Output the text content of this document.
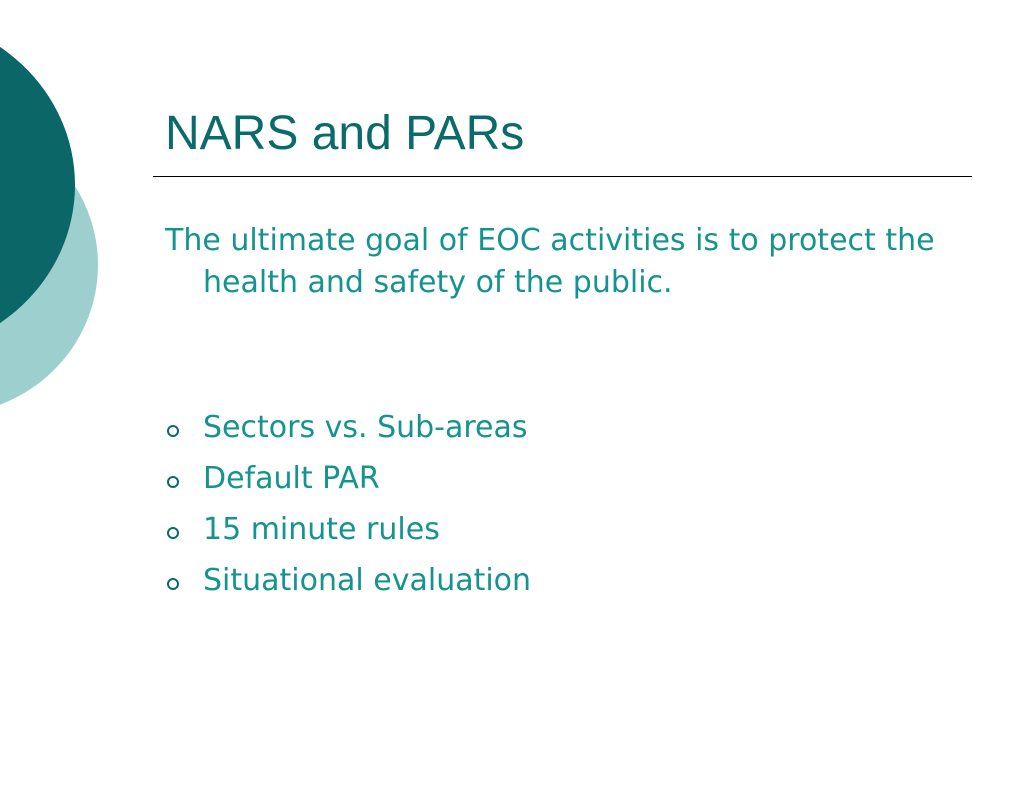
NARS and PARs

The ultimate goal of EOC activities is to protect the health and safety of the public.

Sectors vs. Sub-areas
Default PAR
15 minute rules
Situational evaluation
